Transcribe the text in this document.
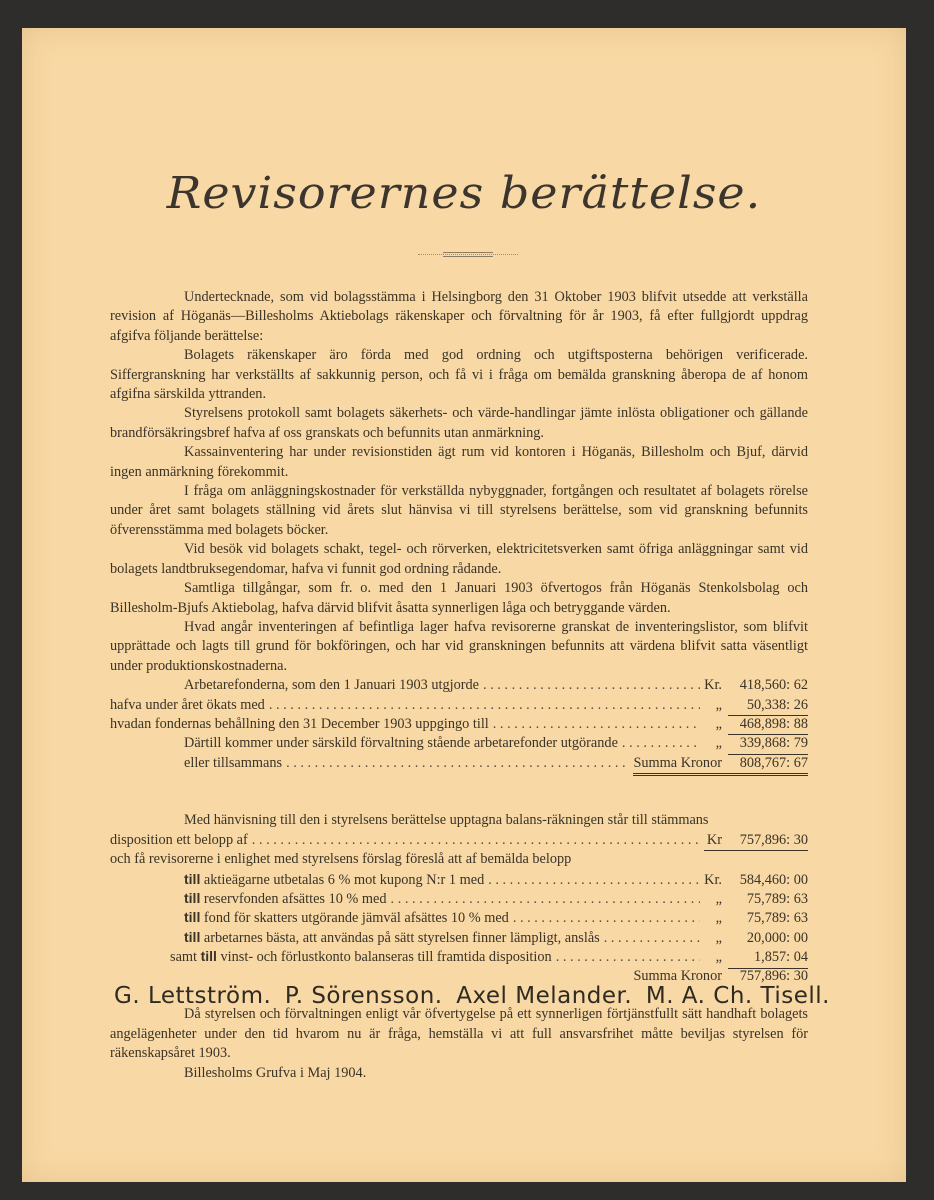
Revisorernes berättelse.

Undertecknade, som vid bolagsstämma i Helsingborg den 31 Oktober 1903 blifvit utsedde att verkställa revision af Höganäs—Billesholms Aktiebolags räkenskaper och förvaltning för år 1903, få efter fullgjordt uppdrag afgifva följande berättelse:

Bolagets räkenskaper äro förda med god ordning och utgiftsposterna behörigen verificerade. Siffergranskning har verkställts af sakkunnig person, och få vi i fråga om bemälda granskning åberopa de af honom afgifna särskilda yttranden.

Styrelsens protokoll samt bolagets säkerhets- och värde-handlingar jämte inlösta obligationer och gällande brandförsäkringsbref hafva af oss granskats och befunnits utan anmärkning.

Kassainventering har under revisionstiden ägt rum vid kontoren i Höganäs, Billesholm och Bjuf, därvid ingen anmärkning förekommit.

I fråga om anläggningskostnader för verkställda nybyggnader, fortgången och resultatet af bolagets rörelse under året samt bolagets ställning vid årets slut hänvisa vi till styrelsens berättelse, som vid granskning befunnits öfverensstämma med bolagets böcker.

Vid besök vid bolagets schakt, tegel- och rörverken, elektricitetsverken samt öfriga anläggningar samt vid bolagets landtbruksegendomar, hafva vi funnit god ordning rådande.

Samtliga tillgångar, som fr. o. med den 1 Januari 1903 öfvertogos från Höganäs Stenkolsbolag och Billesholm-Bjufs Aktiebolag, hafva därvid blifvit åsatta synnerligen låga och betryggande värden.

Hvad angår inventeringen af befintliga lager hafva revisorerne granskat de inventeringslistor, som blifvit upprättade och lagts till grund för bokföringen, och har vid granskningen befunnits att värdena blifvit satta väsentligt under produktionskostnaderna.

Arbetarefonderna, som den 1 Januari 1903 utgjorde . . .	Kr.	418,560: 62
hafva under året ökats med . . .	„	50,338: 26
hvadan fondernas behållning den 31 December 1903 uppgingo till . . .	„	468,898: 88
Därtill kommer under särskild förvaltning stående arbetarefonder utgörande . . .	„	339,868: 79
eller tillsammans . . .	Summa Kronor	808,767: 67
Med hänvisning till den i styrelsens berättelse upptagna balans-räkningen står till stämmans
disposition ett belopp af . . .	Kr	757,896: 30
och få revisorerne i enlighet med styrelsens förslag föreslå att af bemälda belopp
till aktieägarne utbetalas 6 % mot kupong N:r 1 med . . .	Kr.	584,460: 00
till reservfonden afsättes 10 % med . . .	„	75,789: 63
till fond för skatters utgörande jämväl afsättes 10 % med . . .	„	75,789: 63
till arbetarnes bästa, att användas på sätt styrelsen finner lämpligt, anslås . . .	„	20,000: 00
samt till vinst- och förlustkonto balanseras till framtida disposition . . .	„	1,857: 04
Summa Kronor	757,896: 30

Då styrelsen och förvaltningen enligt vår öfvertygelse på ett synnerligen förtjänstfullt sätt handhaft bolagets angelägenheter under den tid hvarom nu är fråga, hemställa vi att full ansvarsfrihet måtte beviljas styrelsen för räkenskapsåret 1903.

Billesholms Grufva i Maj 1904.

G. Lettström. P. Sörensson. Axel Melander. M. A. Ch. Tisell.
